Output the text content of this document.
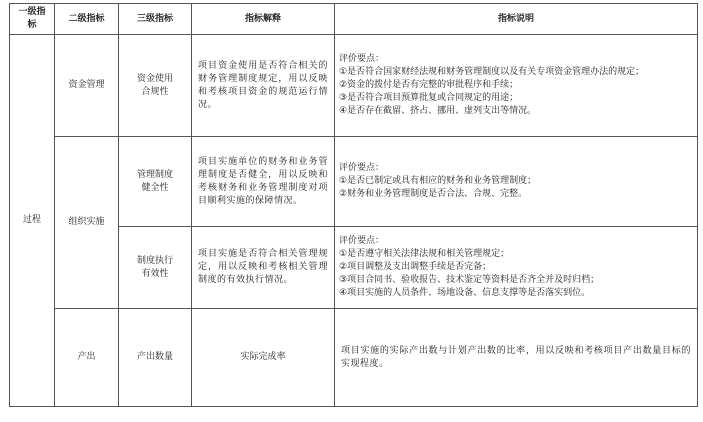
一级指标	二级指标	三级指标	指标解释	指标说明	
过程	资金管理	资金使用合规性	项目资金使用是否符合相关的财务管理制度规定，用以反映和考核项目资金的规范运行情况。	评价要点：
①是否符合国家财经法规和财务管理制度以及有关专项资金管理办法的规定；
②资金的拨付是否有完整的审批程序和手续；
③是否符合项目预算批复或合同规定的用途；
④是否存在截留、挤占、挪用、虚列支出等情况。	

	组织实施	管理制度健全性	项目实施单位的财务和业务管理制度是否健全，用以反映和考核财务和业务管理制度对项目顺利实施的保障情况。	评价要点：
①是否已制定或具有相应的财务和业务管理制度；
②财务和业务管理制度是否合法、合规、完整。	

		制度执行有效性	项目实施是否符合相关管理规定，用以反映和考核相关管理制度的有效执行情况。	评价要点：
①是否遵守相关法律法规和相关管理规定；
②项目调整及支出调整手续是否完备；
③项目合同书、验收报告、技术鉴定等资料是否齐全并及时归档；
④项目实施的人员条件、场地设备、信息支撑等是否落实到位。	

	产出	产出数量	实际完成率	项目实施的实际产出数与计划产出数的比率，用以反映和考核项目产出数量目标的实现程度。	
